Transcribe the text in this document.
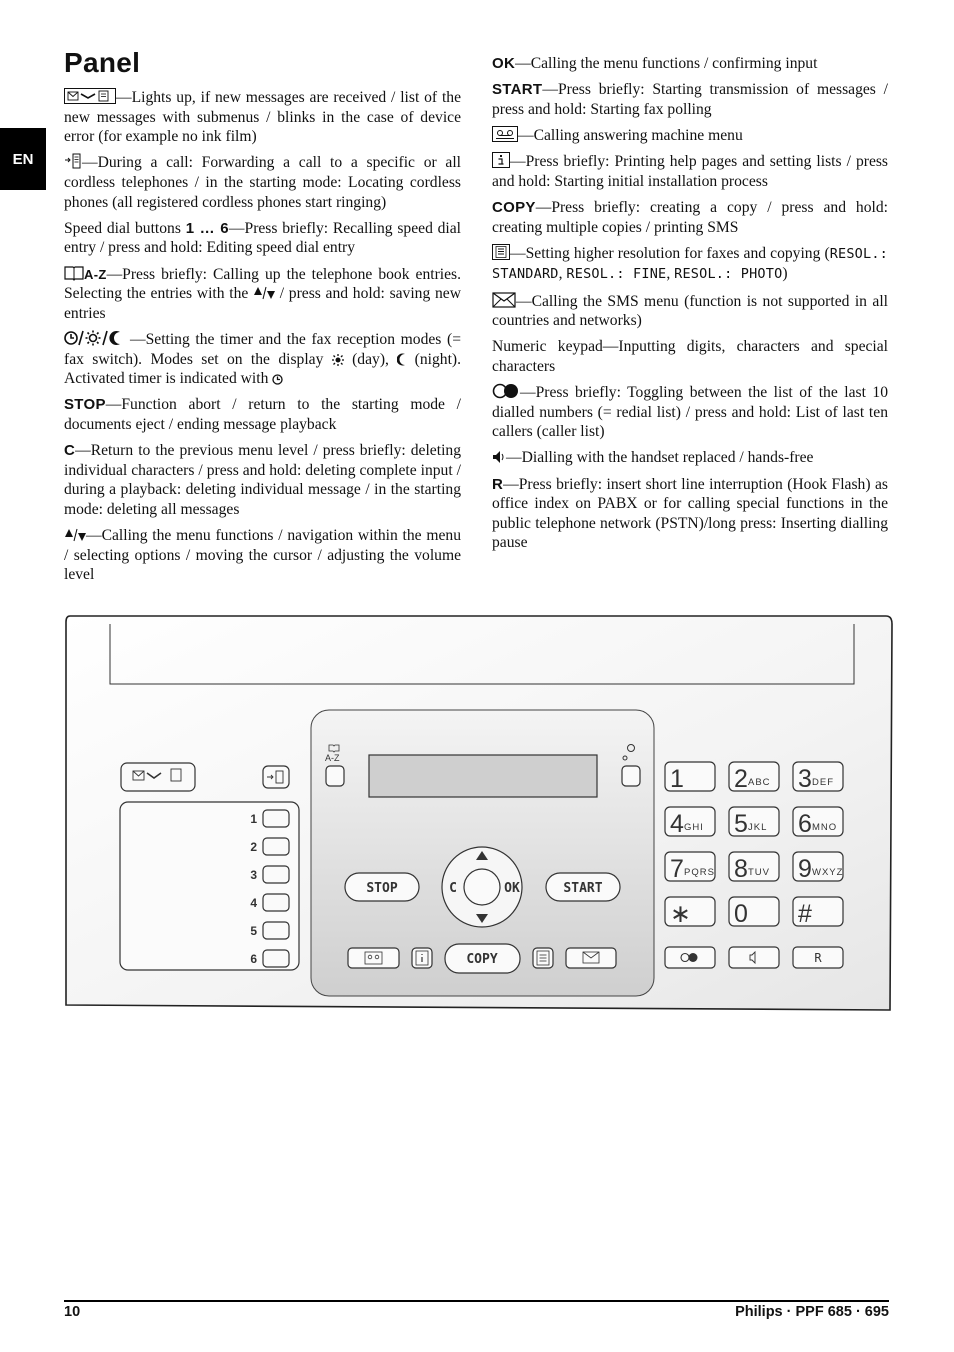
EN
Panel

—Lights up, if new messages are received / list of the new messages with submenus / blinks in the case of device error (for example no ink film)

—During a call: Forwarding a call to a specific or all cordless telephones / in the starting mode: Locating cordless phones (all registered cordless phones start ringing)

Speed dial buttons 1 … 6—Press briefly: Recalling speed dial entry / press and hold: Editing speed dial entry

A-Z—Press briefly: Calling up the telephone book entries. Selecting the entries with the  / press and hold: saving new entries

—Setting the timer and the fax reception modes (= fax switch). Modes set on the display  (day),  (night). Activated timer is indicated with

STOP—Function abort / return to the starting mode / documents eject / ending message playback

C—Return to the previous menu level / press briefly: deleting individual characters / press and hold: deleting complete input / during a playback: deleting individual message / in the starting mode: deleting all messages

—Calling the menu functions / navigation within the menu / selecting options / moving the cursor / adjusting the volume level

OK—Calling the menu functions / confirming input

START—Press briefly: Starting transmission of messages / press and hold: Starting fax polling

—Calling answering machine menu

—Press briefly: Printing help pages and setting lists / press and hold: Starting initial installation process

COPY—Press briefly: creating a copy / press and hold: creating multiple copies / printing SMS

—Setting higher resolution for faxes and copying (RESOL.: STANDARD, RESOL.: FINE, RESOL.: PHOTO)

—Calling the SMS menu (function is not supported in all countries and networks)

Numeric keypad—Inputting digits, characters and special characters

—Press briefly: Toggling between the list of the last 10 dialled numbers (= redial list) / press and hold: List of last ten callers (caller list)

—Dialling with the handset replaced / hands-free

R—Press briefly: insert short line interruption (Hook Flash) as office index on PABX or for calling special functions in the public telephone network (PSTN)/long press: Inserting dialling pause

1
2
3
4
5
6
A-Z
STOP	C	OK	START
COPY
1 2 ABC 3 DEF
4 GHI 5 JKL 6 MNO
7 PQRS 8 TUV 9 WXYZ
∗ 0 #
R
10	Philips · PPF 685 · 695
